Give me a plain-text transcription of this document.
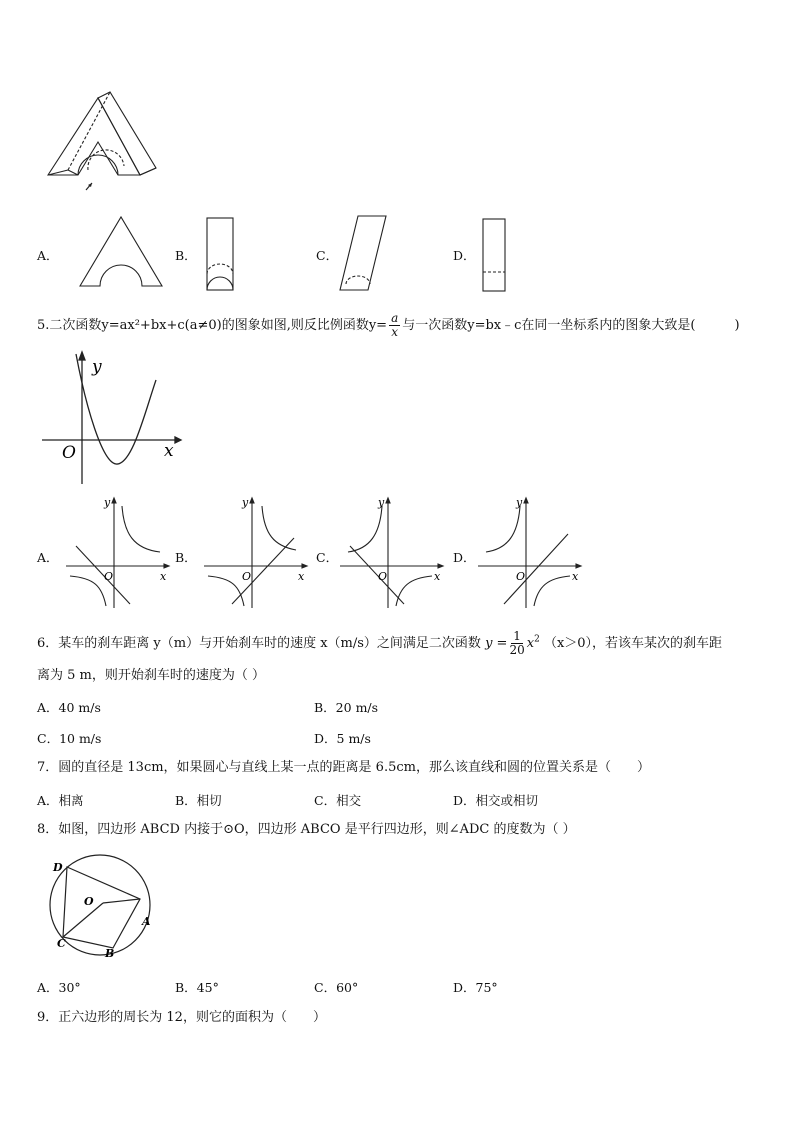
A．	B．	C．	D．
5.二次函数y=ax²+bx+c(a≠0)的图象如图,则反比例函数$y= \frac{a}{x}$ 与一次函数y=bx﹣c在同一坐标系内的图象大致是(　　　)
y
x
O
A．
y
x
O
B．
y
x
O
C．
y
x
O
D．
y
x
O
6．某车的刹车距离 y（m）与开始刹车时的速度 x（m/s）之间满足二次函数 $y = \frac{1}{20} x^2$ （x＞0），若该车某次的刹车距
离为 5 m，则开始刹车时的速度为（ ）
A．40 m/s	B．20 m/s
C．10 m/s	D．5 m/s
7．圆的直径是 13cm，如果圆心与直线上某一点的距离是 6.5cm，那么该直线和圆的位置关系是（　　）
A．相离	B．相切	C．相交	D．相交或相切
8．如图，四边形 ABCD 内接于⊙O，四边形 ABCO 是平行四边形，则∠ADC 的度数为（ ）
D
O
A
C
B
A．30°	B．45°	C．60°	D．75°
9．正六边形的周长为 12，则它的面积为（　　）
